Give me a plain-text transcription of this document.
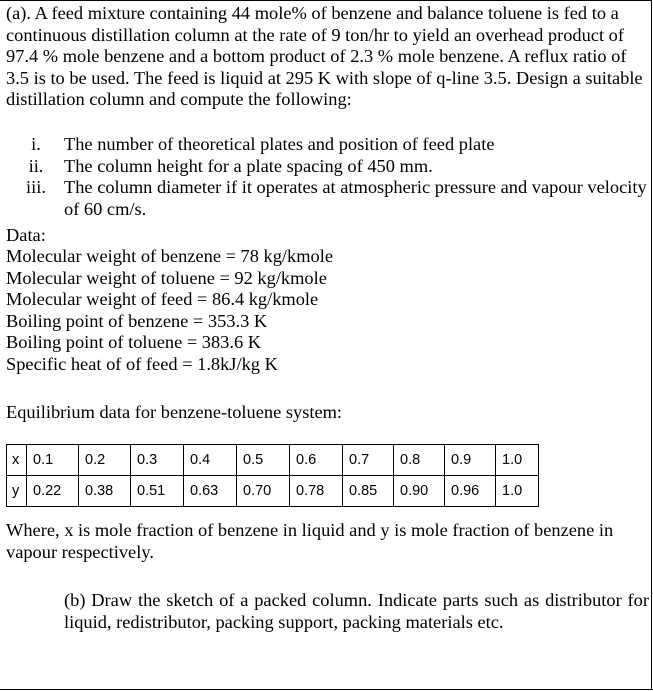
(a). A feed mixture containing 44 mole% of benzene and balance toluene is fed to a continuous distillation column at the rate of 9 ton/hr to yield an overhead product of 97.4 % mole benzene and a bottom product of 2.3 % mole benzene. A reflux ratio of 3.5 is to be used. The feed is liquid at 295 K with slope of q-line 3.5. Design a suitable distillation column and compute the following:
i.	The number of theoretical plates and position of feed plate
ii.	The column height for a plate spacing of 450 mm.
iii. The column diameter if it operates at atmospheric pressure and vapour velocity of 60 cm/s.
Data:
Molecular weight of benzene = 78 kg/kmole
Molecular weight of toluene = 92 kg/kmole
Molecular weight of feed = 86.4 kg/kmole
Boiling point of benzene = 353.3 K
Boiling point of toluene = 383.6 K
Specific heat of of feed = 1.8kJ/kg K
Equilibrium data for benzene-toluene system:
x	0.1	0.2	0.3	0.4	0.5	0.6	0.7	0.8	0.9	1.0
y	0.22	0.38	0.51	0.63	0.70	0.78	0.85	0.90	0.96	1.0
Where, x is mole fraction of benzene in liquid and y is mole fraction of benzene in vapour respectively.
(b) Draw the sketch of a packed column. Indicate parts such as distributor for liquid, redistributor, packing support, packing materials etc.
